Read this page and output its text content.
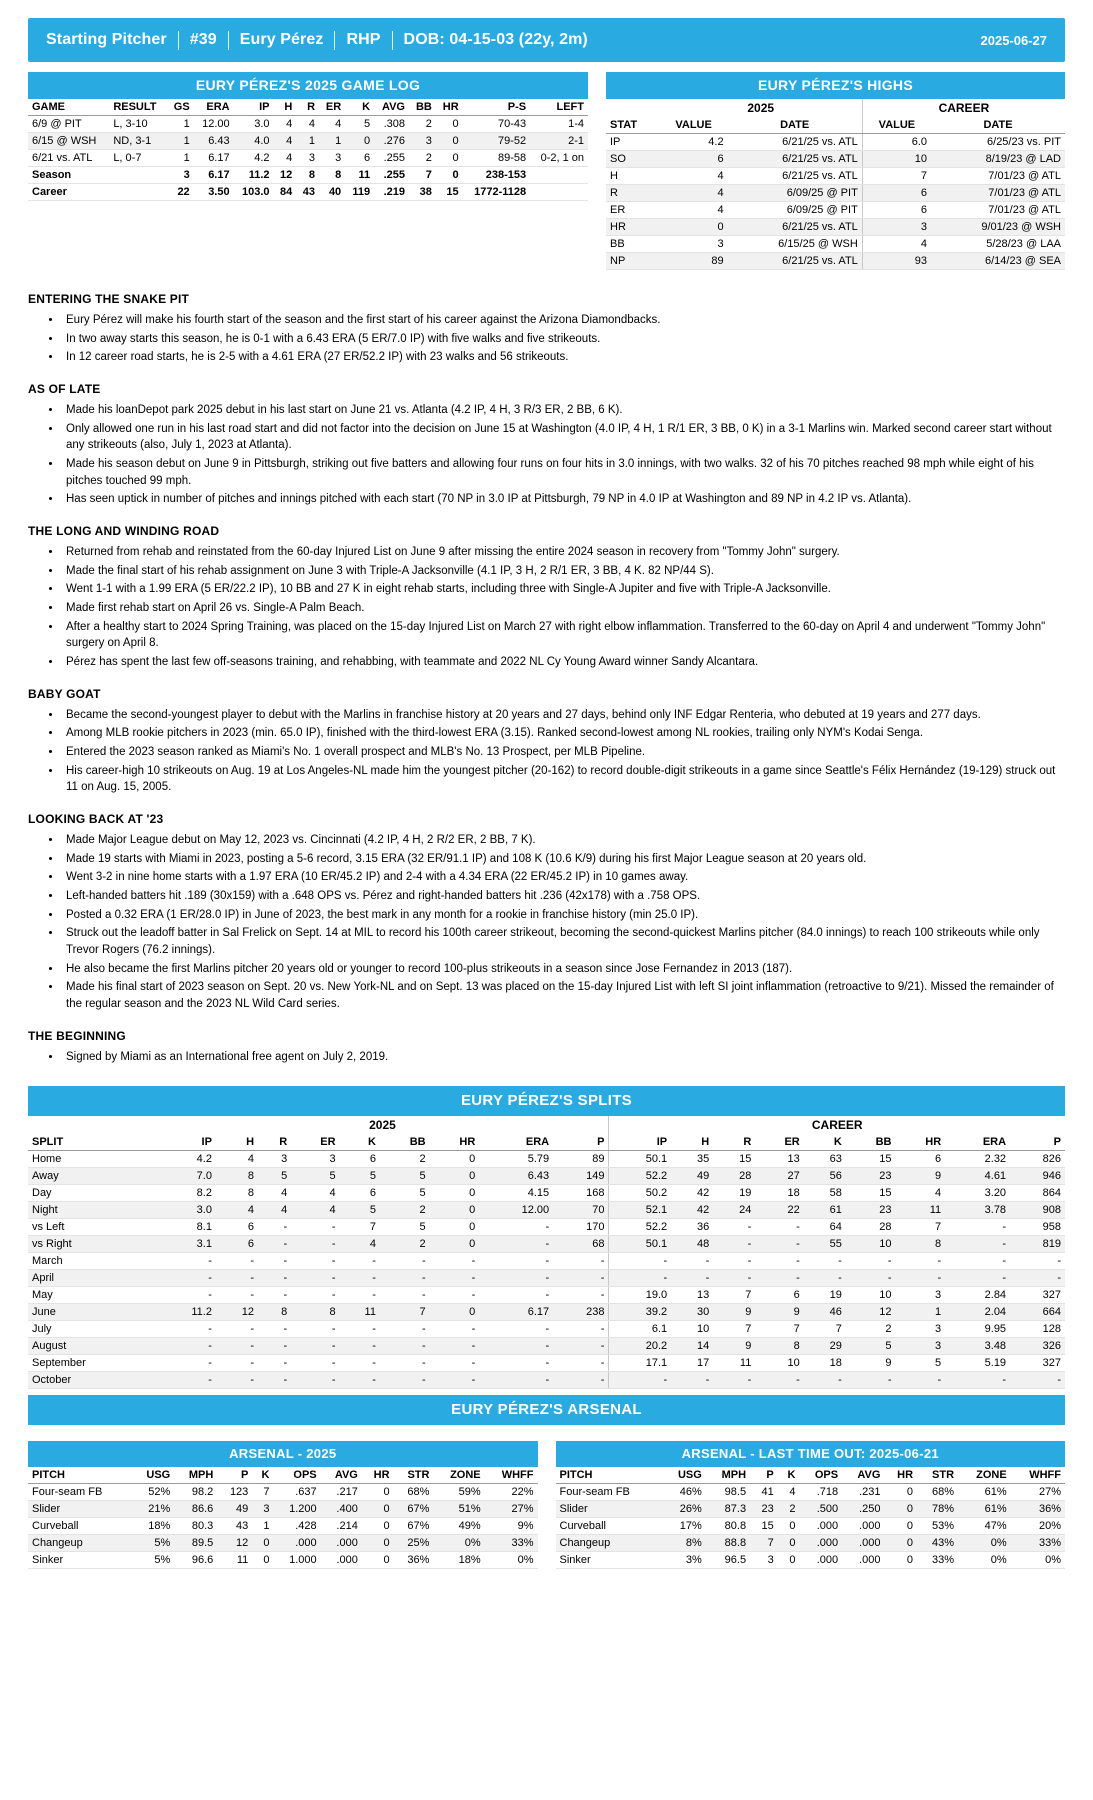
Starting Pitcher	#39	Eury Pérez	RHP	DOB: 04-15-03 (22y, 2m)	2025-06-27
EURY PÉREZ'S 2025 GAME LOG
GAME	RESULT	GS	ERA	IP	H	R	ER	K	AVG	BB	HR	P-S	LEFT
6/9 @ PIT	L, 3-10	1	12.00	3.0	4	4	4	5	.308	2	0	70-43	1-4
6/15 @ WSH	ND, 3-1	1	6.43	4.0	4	1	1	0	.276	3	0	79-52	2-1
6/21 vs. ATL	L, 0-7	1	6.17	4.2	4	3	3	6	.255	2	0	89-58	0-2, 1 on
Season		3	6.17	11.2	12	8	8	11	.255	7	0	238-153	
Career		22	3.50	103.0	84	43	40	119	.219	38	15	1772-1128	
EURY PÉREZ'S HIGHS
	2025		CAREER	
STAT	VALUE	DATE	VALUE	DATE
IP	4.2	6/21/25 vs. ATL	6.0	6/25/23 vs. PIT
SO	6	6/21/25 vs. ATL	10	8/19/23 @ LAD
H	4	6/21/25 vs. ATL	7	7/01/23 @ ATL
R	4	6/09/25 @ PIT	6	7/01/23 @ ATL
ER	4	6/09/25 @ PIT	6	7/01/23 @ ATL
HR	0	6/21/25 vs. ATL	3	9/01/23 @ WSH
BB	3	6/15/25 @ WSH	4	5/28/23 @ LAA
NP	89	6/21/25 vs. ATL	93	6/14/23 @ SEA
ENTERING THE SNAKE PIT
• Eury Pérez will make his fourth start of the season and the first start of his career against the Arizona Diamondbacks.
• In two away starts this season, he is 0-1 with a 6.43 ERA (5 ER/7.0 IP) with five walks and five strikeouts.
• In 12 career road starts, he is 2-5 with a 4.61 ERA (27 ER/52.2 IP) with 23 walks and 56 strikeouts.
AS OF LATE
• Made his loanDepot park 2025 debut in his last start on June 21 vs. Atlanta (4.2 IP, 4 H, 3 R/3 ER, 2 BB, 6 K).
• Only allowed one run in his last road start and did not factor into the decision on June 15 at Washington (4.0 IP, 4 H, 1 R/1 ER, 3 BB, 0 K) in a 3-1 Marlins win. Marked second career start without any strikeouts (also, July 1, 2023 at Atlanta).
• Made his season debut on June 9 in Pittsburgh, striking out five batters and allowing four runs on four hits in 3.0 innings, with two walks. 32 of his 70 pitches reached 98 mph while eight of his pitches touched 99 mph.
• Has seen uptick in number of pitches and innings pitched with each start (70 NP in 3.0 IP at Pittsburgh, 79 NP in 4.0 IP at Washington and 89 NP in 4.2 IP vs. Atlanta).
THE LONG AND WINDING ROAD
• Returned from rehab and reinstated from the 60-day Injured List on June 9 after missing the entire 2024 season in recovery from "Tommy John" surgery.
• Made the final start of his rehab assignment on June 3 with Triple-A Jacksonville (4.1 IP, 3 H, 2 R/1 ER, 3 BB, 4 K. 82 NP/44 S).
• Went 1-1 with a 1.99 ERA (5 ER/22.2 IP), 10 BB and 27 K in eight rehab starts, including three with Single-A Jupiter and five with Triple-A Jacksonville.
• Made first rehab start on April 26 vs. Single-A Palm Beach.
• After a healthy start to 2024 Spring Training, was placed on the 15-day Injured List on March 27 with right elbow inflammation. Transferred to the 60-day on April 4 and underwent "Tommy John" surgery on April 8.
• Pérez has spent the last few off-seasons training, and rehabbing, with teammate and 2022 NL Cy Young Award winner Sandy Alcantara.
BABY GOAT
• Became the second-youngest player to debut with the Marlins in franchise history at 20 years and 27 days, behind only INF Edgar Renteria, who debuted at 19 years and 277 days.
• Among MLB rookie pitchers in 2023 (min. 65.0 IP), finished with the third-lowest ERA (3.15). Ranked second-lowest among NL rookies, trailing only NYM's Kodai Senga.
• Entered the 2023 season ranked as Miami's No. 1 overall prospect and MLB's No. 13 Prospect, per MLB Pipeline.
• His career-high 10 strikeouts on Aug. 19 at Los Angeles-NL made him the youngest pitcher (20-162) to record double-digit strikeouts in a game since Seattle's Félix Hernández (19-129) struck out 11 on Aug. 15, 2005.
LOOKING BACK AT '23
• Made Major League debut on May 12, 2023 vs. Cincinnati (4.2 IP, 4 H, 2 R/2 ER, 2 BB, 7 K).
• Made 19 starts with Miami in 2023, posting a 5-6 record, 3.15 ERA (32 ER/91.1 IP) and 108 K (10.6 K/9) during his first Major League season at 20 years old.
• Went 3-2 in nine home starts with a 1.97 ERA (10 ER/45.2 IP) and 2-4 with a 4.34 ERA (22 ER/45.2 IP) in 10 games away.
• Left-handed batters hit .189 (30x159) with a .648 OPS vs. Pérez and right-handed batters hit .236 (42x178) with a .758 OPS.
• Posted a 0.32 ERA (1 ER/28.0 IP) in June of 2023, the best mark in any month for a rookie in franchise history (min 25.0 IP).
• Struck out the leadoff batter in Sal Frelick on Sept. 14 at MIL to record his 100th career strikeout, becoming the second-quickest Marlins pitcher (84.0 innings) to reach 100 strikeouts while only Trevor Rogers (76.2 innings).
• He also became the first Marlins pitcher 20 years old or younger to record 100-plus strikeouts in a season since Jose Fernandez in 2013 (187).
• Made his final start of 2023 season on Sept. 20 vs. New York-NL and on Sept. 13 was placed on the 15-day Injured List with left SI joint inflammation (retroactive to 9/21). Missed the remainder of the regular season and the 2023 NL Wild Card series.
THE BEGINNING
• Signed by Miami as an International free agent on July 2, 2019.
EURY PÉREZ'S SPLITS
	2025									CAREER								
SPLIT	IP	H	R	ER	K	BB	HR	ERA	P	IP	H	R	ER	K	BB	HR	ERA	P
Home	4.2	4	3	3	6	2	0	5.79	89	50.1	35	15	13	63	15	6	2.32	826
Away	7.0	8	5	5	5	5	0	6.43	149	52.2	49	28	27	56	23	9	4.61	946
Day	8.2	8	4	4	6	5	0	4.15	168	50.2	42	19	18	58	15	4	3.20	864
Night	3.0	4	4	4	5	2	0	12.00	70	52.1	42	24	22	61	23	11	3.78	908
vs Left	8.1	6	-	-	7	5	0	-	170	52.2	36	-	-	64	28	7	-	958
vs Right	3.1	6	-	-	4	2	0	-	68	50.1	48	-	-	55	10	8	-	819
March	-	-	-	-	-	-	-	-	-	-	-	-	-	-	-	-	-	-
April	-	-	-	-	-	-	-	-	-	-	-	-	-	-	-	-	-	-
May	-	-	-	-	-	-	-	-	-	19.0	13	7	6	19	10	3	2.84	327
June	11.2	12	8	8	11	7	0	6.17	238	39.2	30	9	9	46	12	1	2.04	664
July	-	-	-	-	-	-	-	-	-	6.1	10	7	7	7	2	3	9.95	128
August	-	-	-	-	-	-	-	-	-	20.2	14	9	8	29	5	3	3.48	326
September	-	-	-	-	-	-	-	-	-	17.1	17	11	10	18	9	5	5.19	327
October	-	-	-	-	-	-	-	-	-	-	-	-	-	-	-	-	-	-
EURY PÉREZ'S ARSENAL
ARSENAL - 2025
PITCH	USG	MPH	P	K	OPS	AVG	HR	STR	ZONE	WHFF
Four-seam FB	52%	98.2	123	7	.637	.217	0	68%	59%	22%
Slider	21%	86.6	49	3	1.200	.400	0	67%	51%	27%
Curveball	18%	80.3	43	1	.428	.214	0	67%	49%	9%
Changeup	5%	89.5	12	0	.000	.000	0	25%	0%	33%
Sinker	5%	96.6	11	0	1.000	.000	0	36%	18%	0%
ARSENAL - LAST TIME OUT: 2025-06-21
PITCH	USG	MPH	P	K	OPS	AVG	HR	STR	ZONE	WHFF
Four-seam FB	46%	98.5	41	4	.718	.231	0	68%	61%	27%
Slider	26%	87.3	23	2	.500	.250	0	78%	61%	36%
Curveball	17%	80.8	15	0	.000	.000	0	53%	47%	20%
Changeup	8%	88.8	7	0	.000	.000	0	43%	0%	33%
Sinker	3%	96.5	3	0	.000	.000	0	33%	0%	0%
